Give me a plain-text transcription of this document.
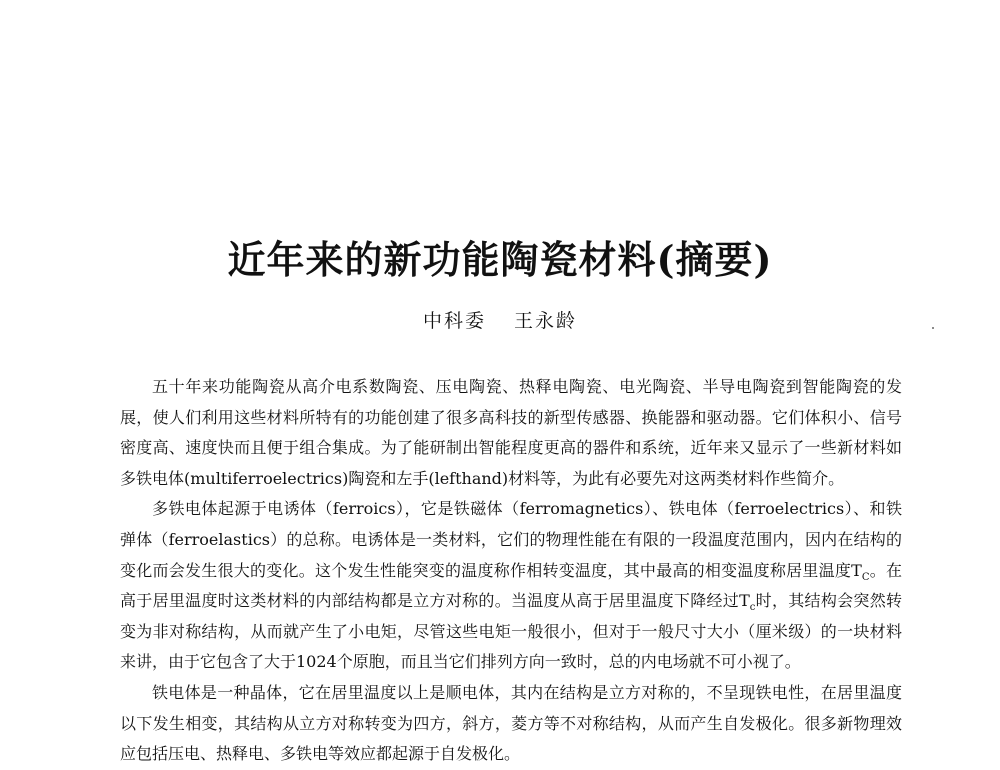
近年来的新功能陶瓷材料(摘要)
中科委 王永龄

五十年来功能陶瓷从高介电系数陶瓷、压电陶瓷、热释电陶瓷、电光陶瓷、半导电陶瓷到智能陶瓷的发展，使人们利用这些材料所特有的功能创建了很多高科技的新型传感器、换能器和驱动器。它们体积小、信号密度高、速度快而且便于组合集成。为了能研制出智能程度更高的器件和系统，近年来又显示了一些新材料如多铁电体(multiferroelectrics)陶瓷和左手(lefthand)材料等，为此有必要先对这两类材料作些简介。

多铁电体起源于电诱体（ferroics），它是铁磁体（ferromagnetics）、铁电体（ferroelectrics）、和铁弹体（ferroelastics）的总称。电诱体是一类材料，它们的物理性能在有限的一段温度范围内，因内在结构的变化而会发生很大的变化。这个发生性能突变的温度称作相转变温度，其中最高的相变温度称居里温度$T_C$。在高于居里温度时这类材料的内部结构都是立方对称的。当温度从高于居里温度下降经过$T_c$时，其结构会突然转变为非对称结构，从而就产生了小电矩，尽管这些电矩一般很小，但对于一般尺寸大小（厘米级）的一块材料来讲，由于它包含了大于1024个原胞，而且当它们排列方向一致时，总的内电场就不可小视了。

铁电体是一种晶体，它在居里温度以上是顺电体，其内在结构是立方对称的，不呈现铁电性，在居里温度以下发生相变，其结构从立方对称转变为四方，斜方，菱方等不对称结构，从而产生自发极化。很多新物理效应包括压电、热释电、多铁电等效应都起源于自发极化。
